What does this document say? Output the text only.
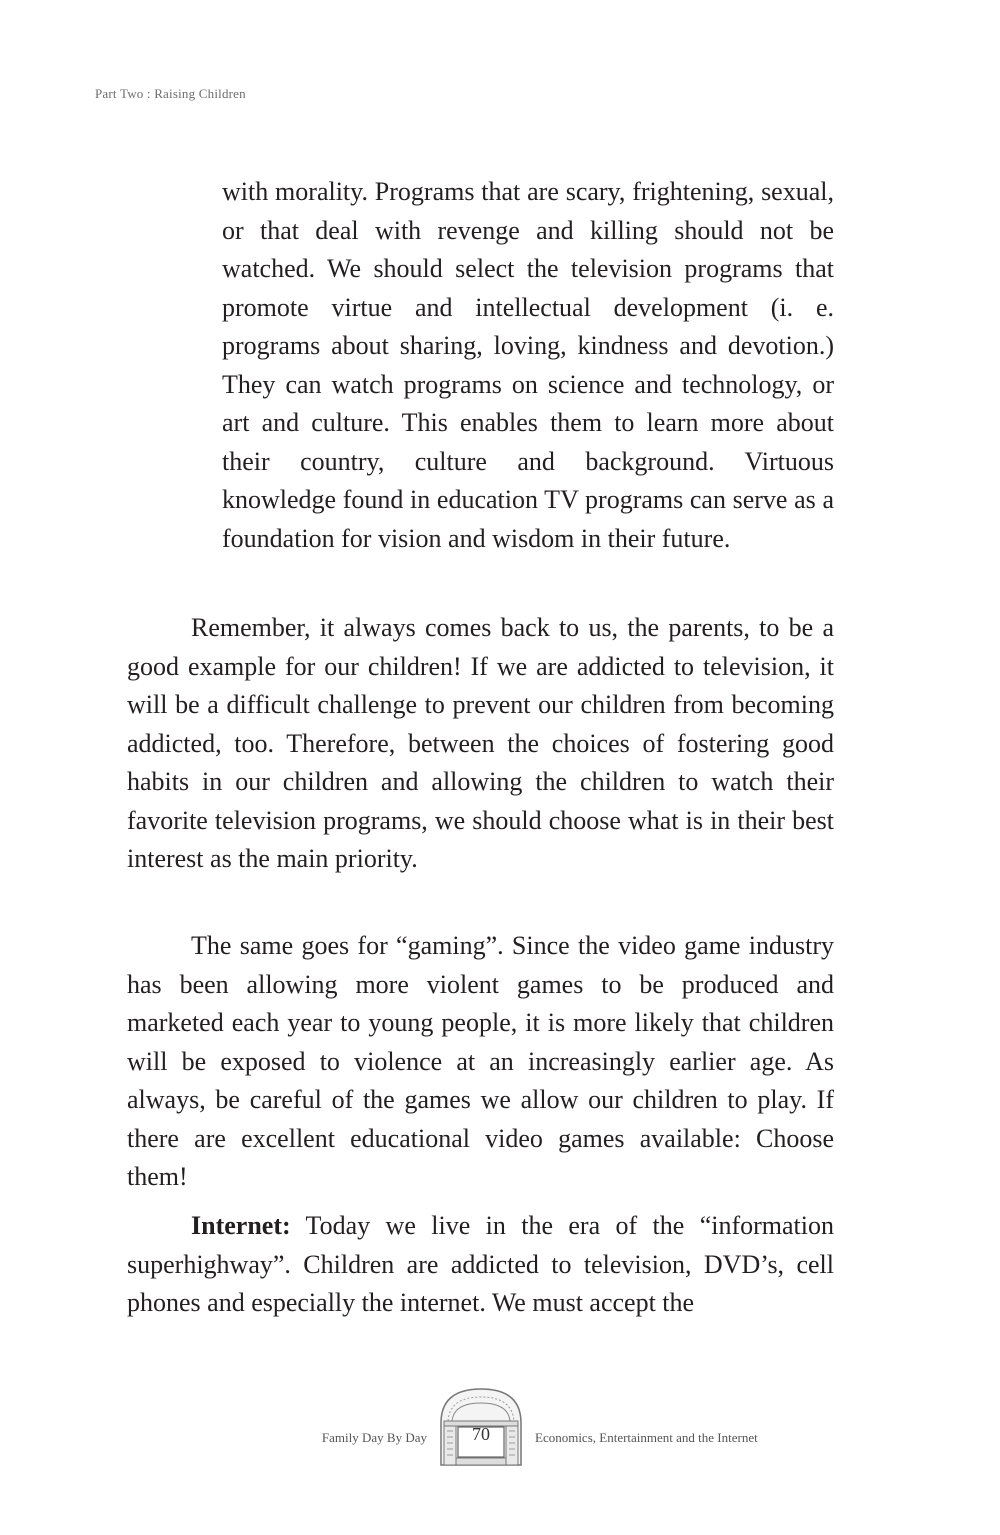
Part Two : Raising Children

with morality. Programs that are scary, frightening, sexual, or that deal with revenge and killing should not be watched. We should select the television programs that promote virtue and intellectual development (i. e. programs about sharing, loving, kindness and devotion.) They can watch programs on science and technology, or art and culture. This enables them to learn more about their country, culture and background. Virtuous knowledge found in education TV programs can serve as a foundation for vision and wisdom in their future.

Remember, it always comes back to us, the parents, to be a good example for our children! If we are addicted to television, it will be a difficult challenge to prevent our children from becoming addicted, too. Therefore, between the choices of fostering good habits in our children and allowing the children to watch their favorite television programs, we should choose what is in their best interest as the main priority.

The same goes for “gaming”. Since the video game industry has been allowing more violent games to be produced and marketed each year to young people, it is more likely that children will be exposed to violence at an increasingly earlier age. As always, be careful of the games we allow our children to play. If there are excellent educational video games available: Choose them!

Internet: Today we live in the era of the “information superhighway”. Children are addicted to television, DVD’s, cell phones and especially the internet. We must accept the

Family Day By Day	70	Economics, Entertainment and the Internet
